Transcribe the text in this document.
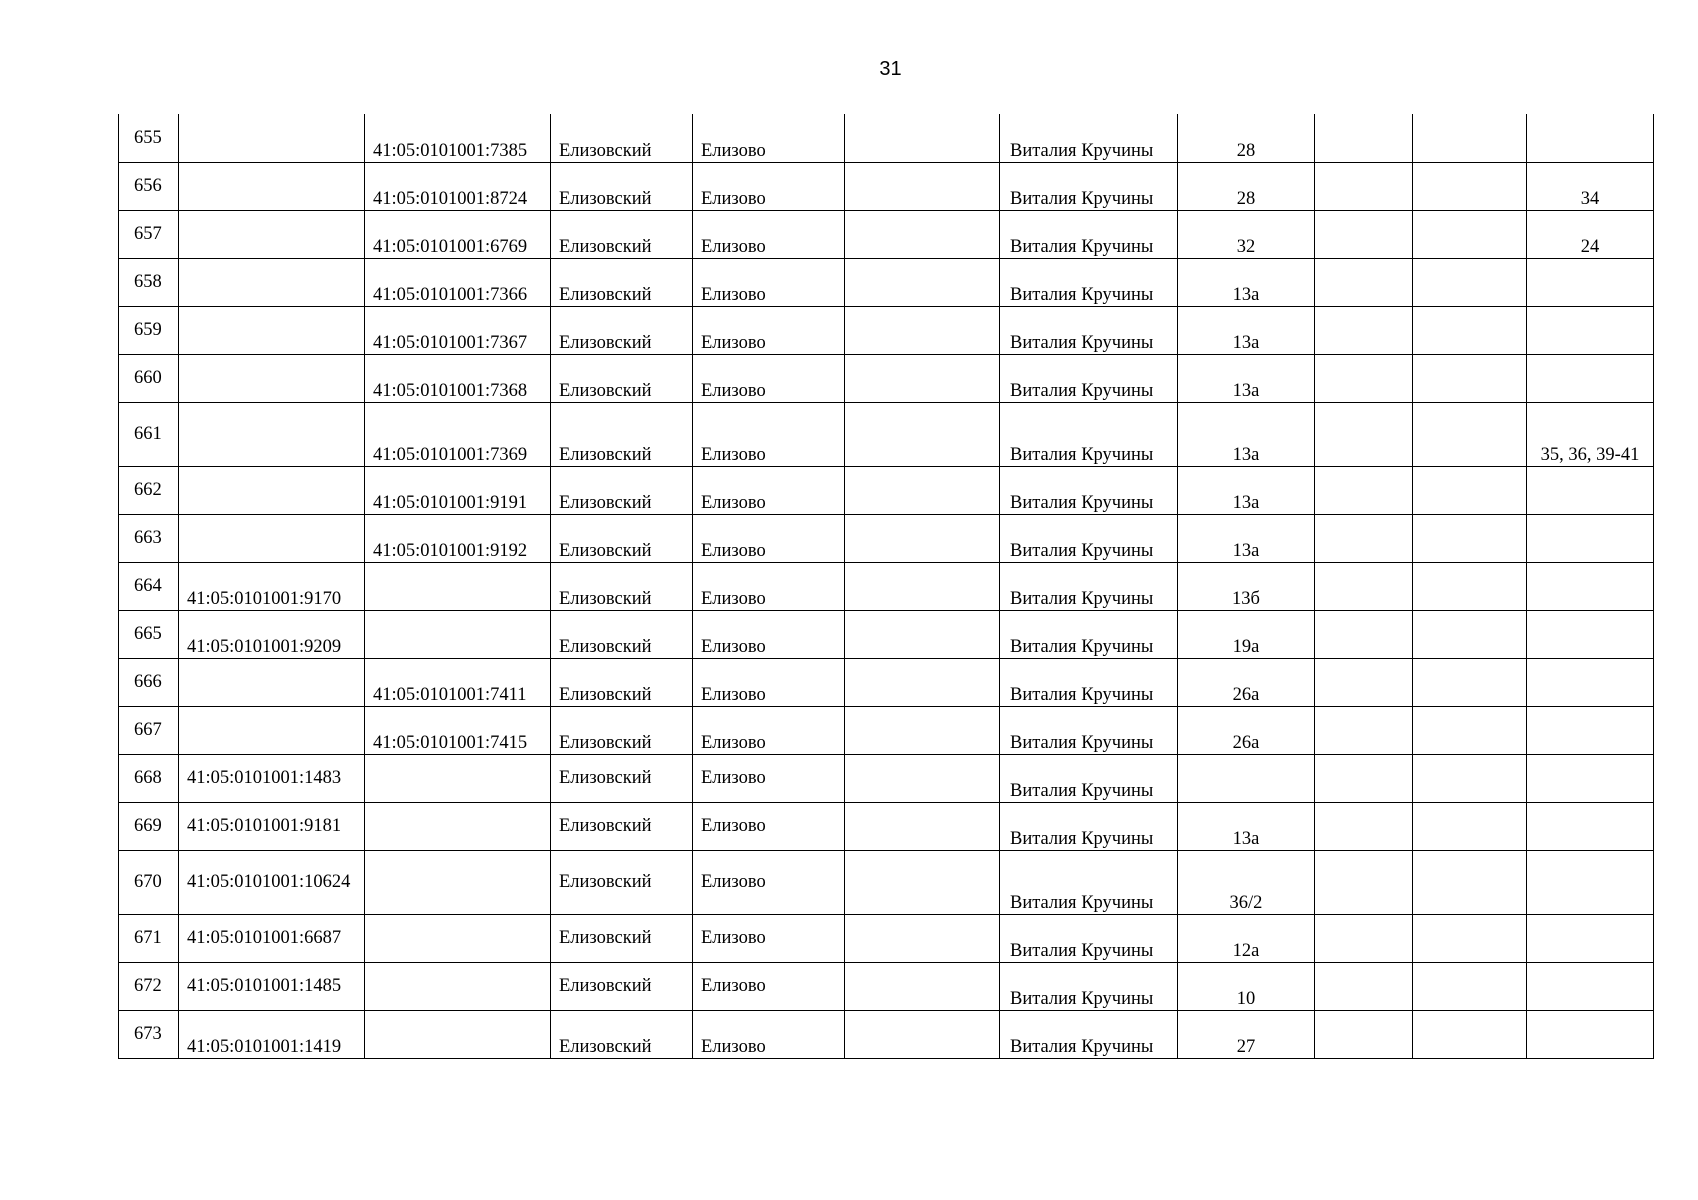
31
655		41:05:0101001:7385	Елизовский	Елизово		Виталия Кручины	28			
656		41:05:0101001:8724	Елизовский	Елизово		Виталия Кручины	28			34
657		41:05:0101001:6769	Елизовский	Елизово		Виталия Кручины	32			24
658		41:05:0101001:7366	Елизовский	Елизово		Виталия Кручины	13а			
659		41:05:0101001:7367	Елизовский	Елизово		Виталия Кручины	13а			
660		41:05:0101001:7368	Елизовский	Елизово		Виталия Кручины	13а			
661		41:05:0101001:7369	Елизовский	Елизово		Виталия Кручины	13а			35, 36, 39-41
662		41:05:0101001:9191	Елизовский	Елизово		Виталия Кручины	13а			
663		41:05:0101001:9192	Елизовский	Елизово		Виталия Кручины	13а			
664	41:05:0101001:9170		Елизовский	Елизово		Виталия Кручины	13б			
665	41:05:0101001:9209		Елизовский	Елизово		Виталия Кручины	19а			
666		41:05:0101001:7411	Елизовский	Елизово		Виталия Кручины	26а			
667		41:05:0101001:7415	Елизовский	Елизово		Виталия Кручины	26а			
668	41:05:0101001:1483		Елизовский	Елизово		Виталия Кручины				
669	41:05:0101001:9181		Елизовский	Елизово		Виталия Кручины	13а			
670	41:05:0101001:10624		Елизовский	Елизово		Виталия Кручины	36/2			
671	41:05:0101001:6687		Елизовский	Елизово		Виталия Кручины	12а			
672	41:05:0101001:1485		Елизовский	Елизово		Виталия Кручины	10			
673	41:05:0101001:1419		Елизовский	Елизово		Виталия Кручины	27			
